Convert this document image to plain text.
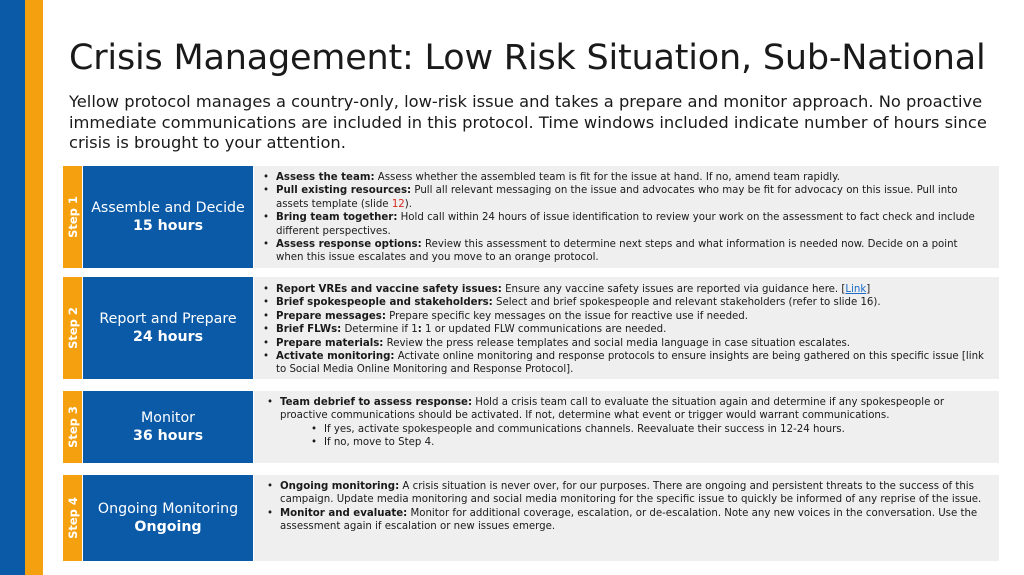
Crisis Management: Low Risk Situation, Sub-National
Yellow protocol manages a country-only, low-risk issue and takes a prepare and monitor approach. No proactive immediate communications are included in this protocol. Time windows included indicate number of hours since crisis is brought to your attention.
Step 1 Assemble and Decide
15 hours
• Assess the team: Assess whether the assembled team is fit for the issue at hand. If no, amend team rapidly.
• Pull existing resources: Pull all relevant messaging on the issue and advocates who may be fit for advocacy on this issue. Pull into assets template (slide 12).
• Bring team together: Hold call within 24 hours of issue identification to review your work on the assessment to fact check and include different perspectives.
• Assess response options: Review this assessment to determine next steps and what information is needed now. Decide on a point when this issue escalates and you move to an orange protocol.
Step 2 Report and Prepare
24 hours
• Report VREs and vaccine safety issues: Ensure any vaccine safety issues are reported via guidance here. [Link]
• Brief spokespeople and stakeholders: Select and brief spokespeople and relevant stakeholders (refer to slide 16).
• Prepare messages: Prepare specific key messages on the issue for reactive use if needed.
• Brief FLWs: Determine if 1: 1 or updated FLW communications are needed.
• Prepare materials: Review the press release templates and social media language in case situation escalates.
• Activate monitoring: Activate online monitoring and response protocols to ensure insights are being gathered on this specific issue [link to Social Media Online Monitoring and Response Protocol].
Step 3	Monitor
36 hours
• Team debrief to assess response: Hold a crisis team call to evaluate the situation again and determine if any spokespeople or proactive communications should be activated. If not, determine what event or trigger would warrant communications.
• If yes, activate spokespeople and communications channels. Reevaluate their success in 12-24 hours.
• If no, move to Step 4.
Step 4 Ongoing Monitoring
Ongoing
• Ongoing monitoring: A crisis situation is never over, for our purposes. There are ongoing and persistent threats to the success of this campaign. Update media monitoring and social media monitoring for the specific issue to quickly be informed of any reprise of the issue.
• Monitor and evaluate: Monitor for additional coverage, escalation, or de-escalation. Note any new voices in the conversation. Use the assessment again if escalation or new issues emerge.
